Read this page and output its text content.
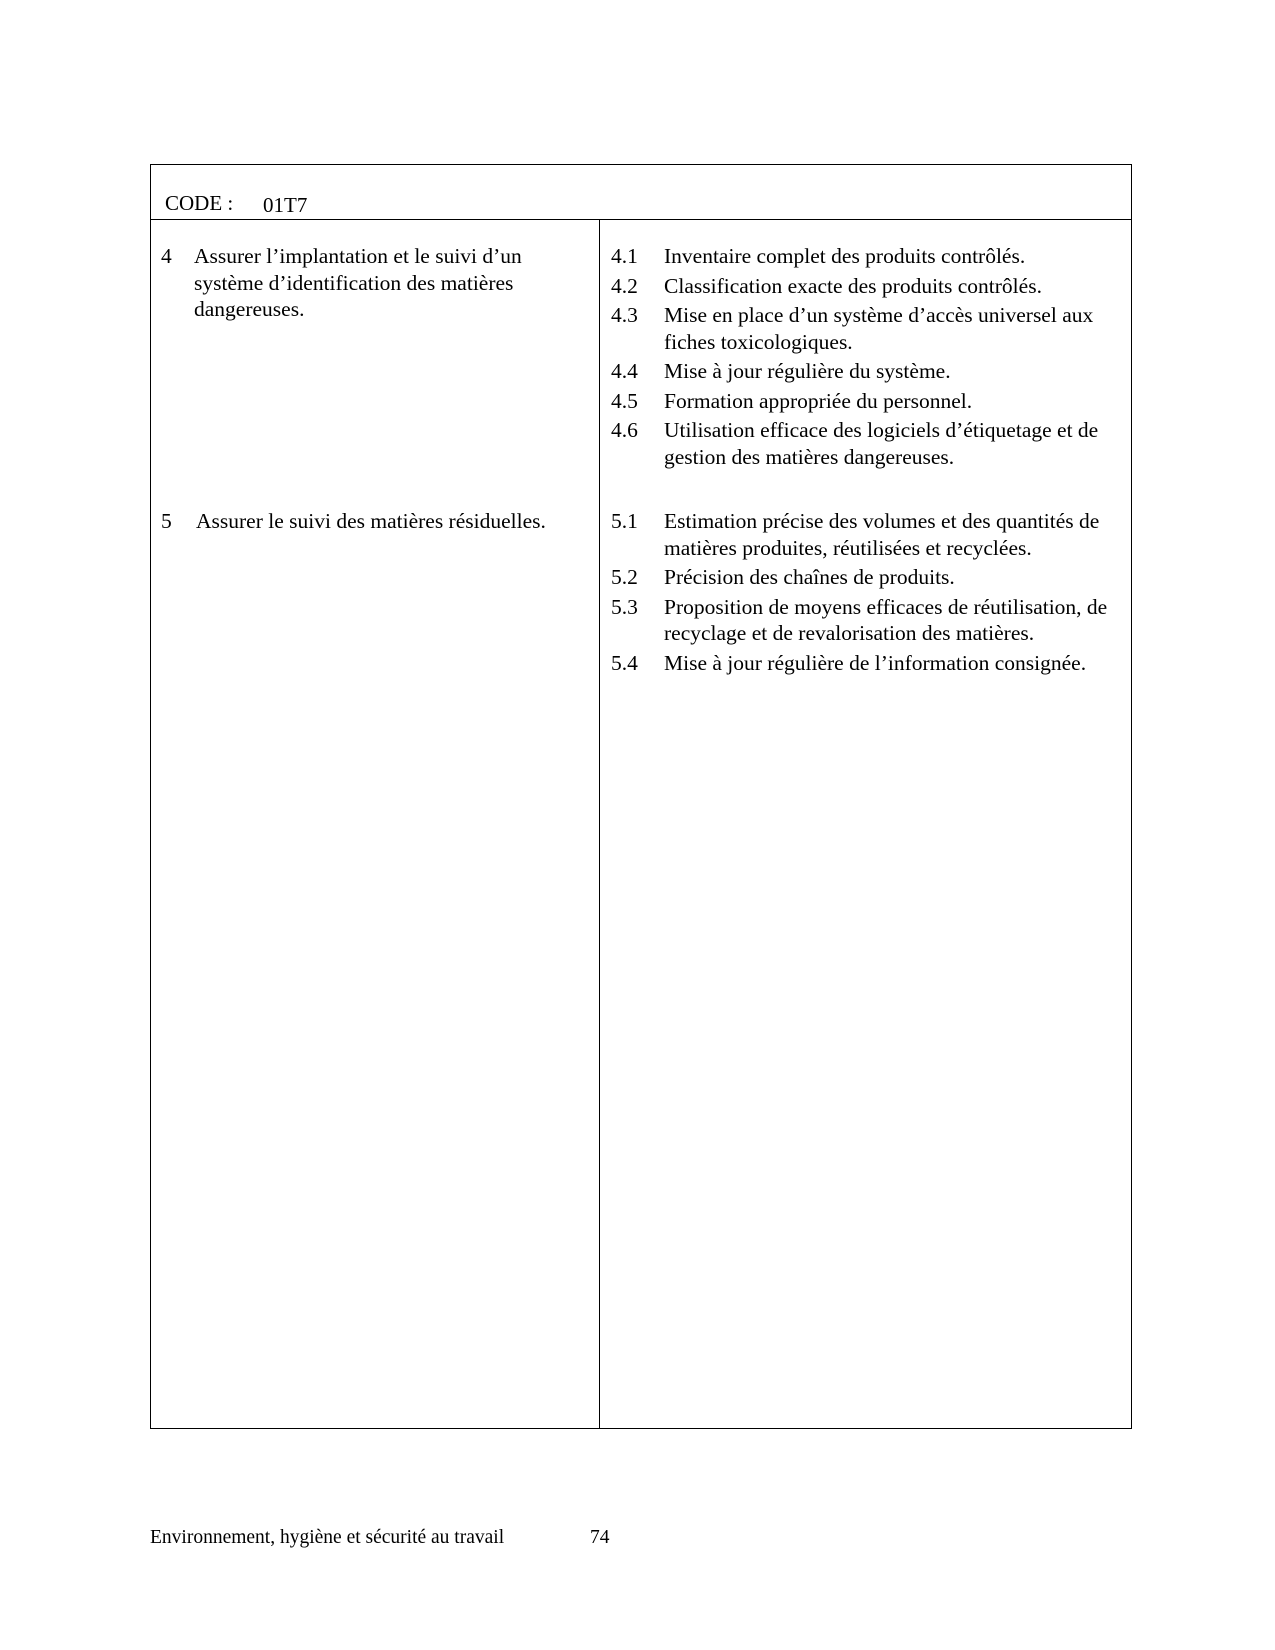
CODE : 01T7
4 Assurer l’implantation et le suivi d’un système d’identification des matières dangereuses.

4.1 Inventaire complet des produits contrôlés.

4.2 Classification exacte des produits contrôlés.

4.3 Mise en place d’un système d’accès universel aux fiches toxicologiques.

4.4 Mise à jour régulière du système.

4.5 Formation appropriée du personnel.

4.6 Utilisation efficace des logiciels d’étiquetage et de gestion des matières dangereuses.

5 Assurer le suivi des matières résiduelles.	5.1 Estimation précise des volumes et des quantités de matières produites, réutilisées et recyclées.

5.2 Précision des chaînes de produits.

5.3 Proposition de moyens efficaces de réutilisation, de recyclage et de revalorisation des matières.

5.4 Mise à jour régulière de l’information consignée.

Environnement, hygiène et sécurité au travail	74
